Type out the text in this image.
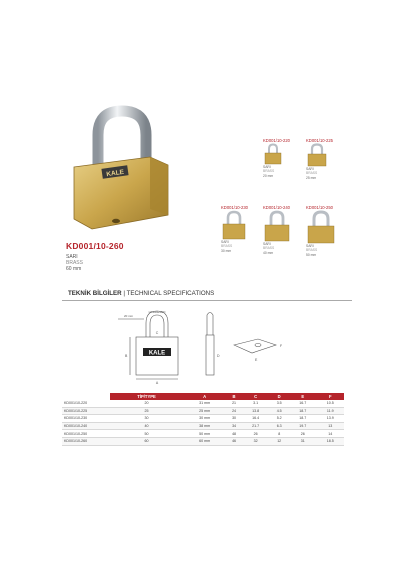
KALE
KD001/10-260
SARI
BRASS
60 mm
KD001/10-220
SARI
BRASS
20 mm
KD001/10-225
SARI
BRASS
25 mm
KD001/10-230
SARI
BRASS
30 mm
KD001/10-240
SARI
BRASS
40 mm
KD001/10-250
SARI
BRASS
50 mm
TEKNİK BİLGİLER | TECHNICAL SPECIFICATIONS
KALE
HARDENED
20 mm
A
B
C
D
E
F
	TİP/TYPE	A	B	C	D	E	F
KD001/10-220	20	31 mm	21	3.1	3.5	16.7	10.5
KD001/10-225	25	25 mm	24	13.8	4.5	18.7	11.9
KD001/10-230	30	30 mm	30	16.4	5.2	18.7	13.9
KD001/10-240	40	38 mm	34	21.7	6.3	19.7	13
KD001/10-250	50	50 mm	48	26	8	26	14
KD001/10-260	60	60 mm	46	32	12	31	18.5
